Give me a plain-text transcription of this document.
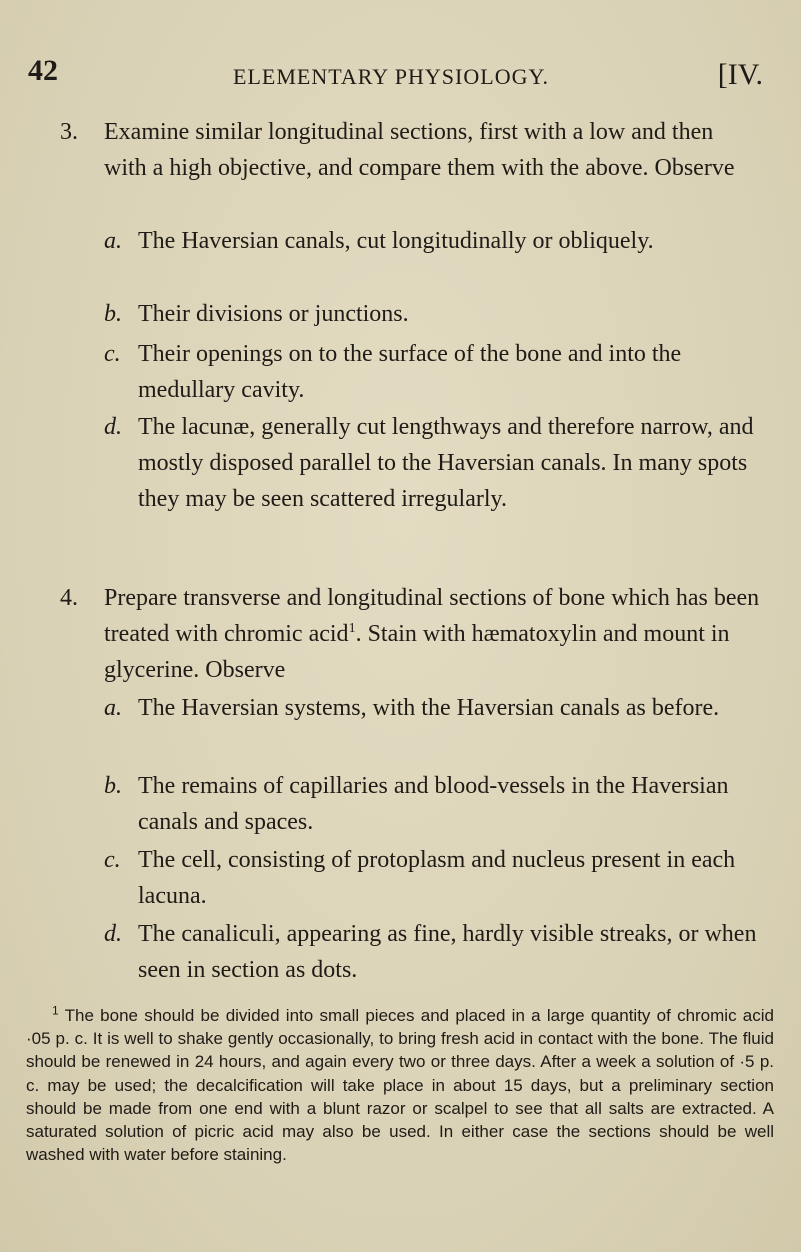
42	ELEMENTARY PHYSIOLOGY.	[IV.
3. Examine similar longitudinal sections, first with a low and then with a high objective, and compare them with the above. Observe
a. The Haversian canals, cut longitudinally or obliquely.
b. Their divisions or junctions.
c. Their openings on to the surface of the bone and into the medullary cavity.
d. The lacunæ, generally cut lengthways and therefore narrow, and mostly disposed parallel to the Haversian canals. In many spots they may be seen scattered irregularly.
4. Prepare transverse and longitudinal sections of bone which has been treated with chromic acid$^1$. Stain with hæmatoxylin and mount in glycerine. Observe
a. The Haversian systems, with the Haversian canals as before.
b. The remains of capillaries and blood-vessels in the Haversian canals and spaces.
c. The cell, consisting of protoplasm and nucleus present in each lacuna.
d. The canaliculi, appearing as fine, hardly visible streaks, or when seen in section as dots.
$^1$ The bone should be divided into small pieces and placed in a large quantity of chromic acid ·05 p. c. It is well to shake gently occasionally, to bring fresh acid in contact with the bone. The fluid should be renewed in 24 hours, and again every two or three days. After a week a solution of ·5 p. c. may be used; the decalcification will take place in about 15 days, but a preliminary section should be made from one end with a blunt razor or scalpel to see that all salts are extracted. A saturated solution of picric acid may also be used. In either case the sections should be well washed with water before staining.
